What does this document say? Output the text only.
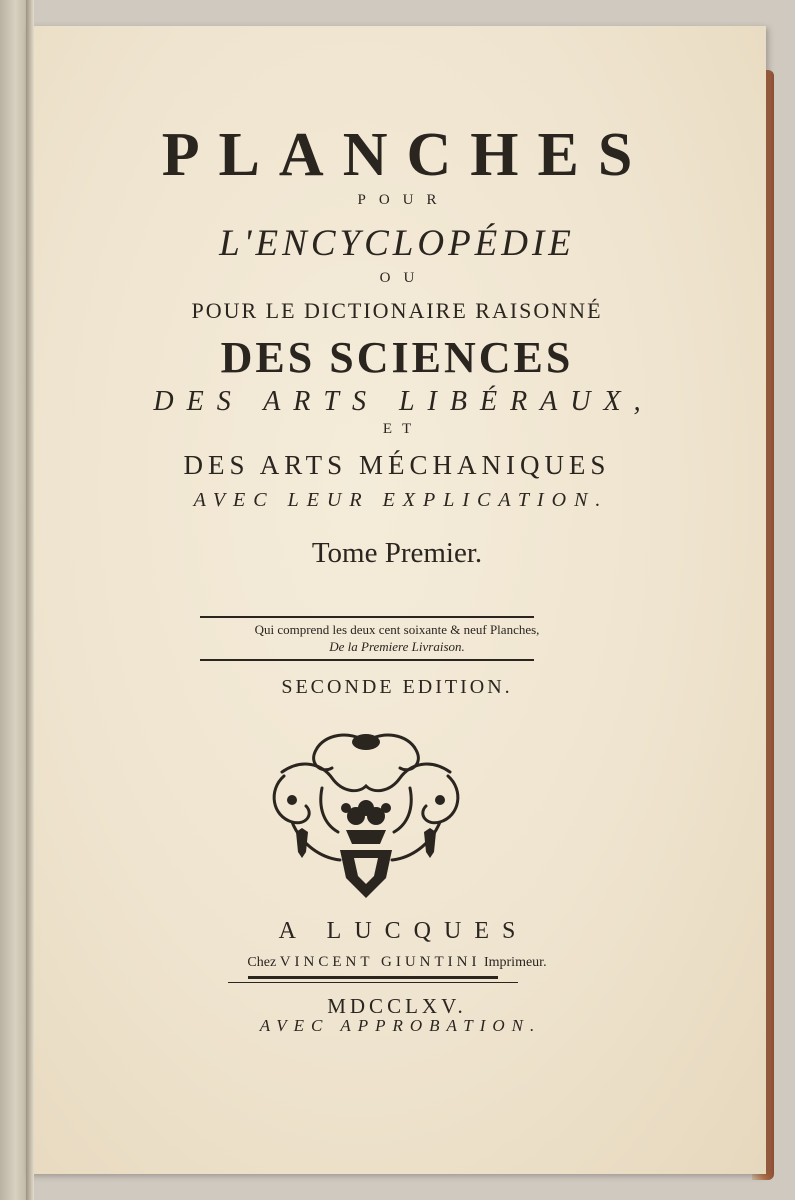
PLANCHES
POUR
L'ENCYCLOPÉDIE
OU
POUR LE DICTIONAIRE RAISONNÉ
DES SCIENCES
DES ARTS LIBÉRAUX,
ET
DES ARTS MÉCHANIQUES
AVEC LEUR EXPLICATION.
Tome Premier.
Qui comprend les deux cent soixante & neuf Planches,
De la Premiere Livraison.
SECONDE EDITION.
A LUCQUES
Chez VINCENT GIUNTINI Imprimeur.
MDCCLXV.
AVEC APPROBATION.
